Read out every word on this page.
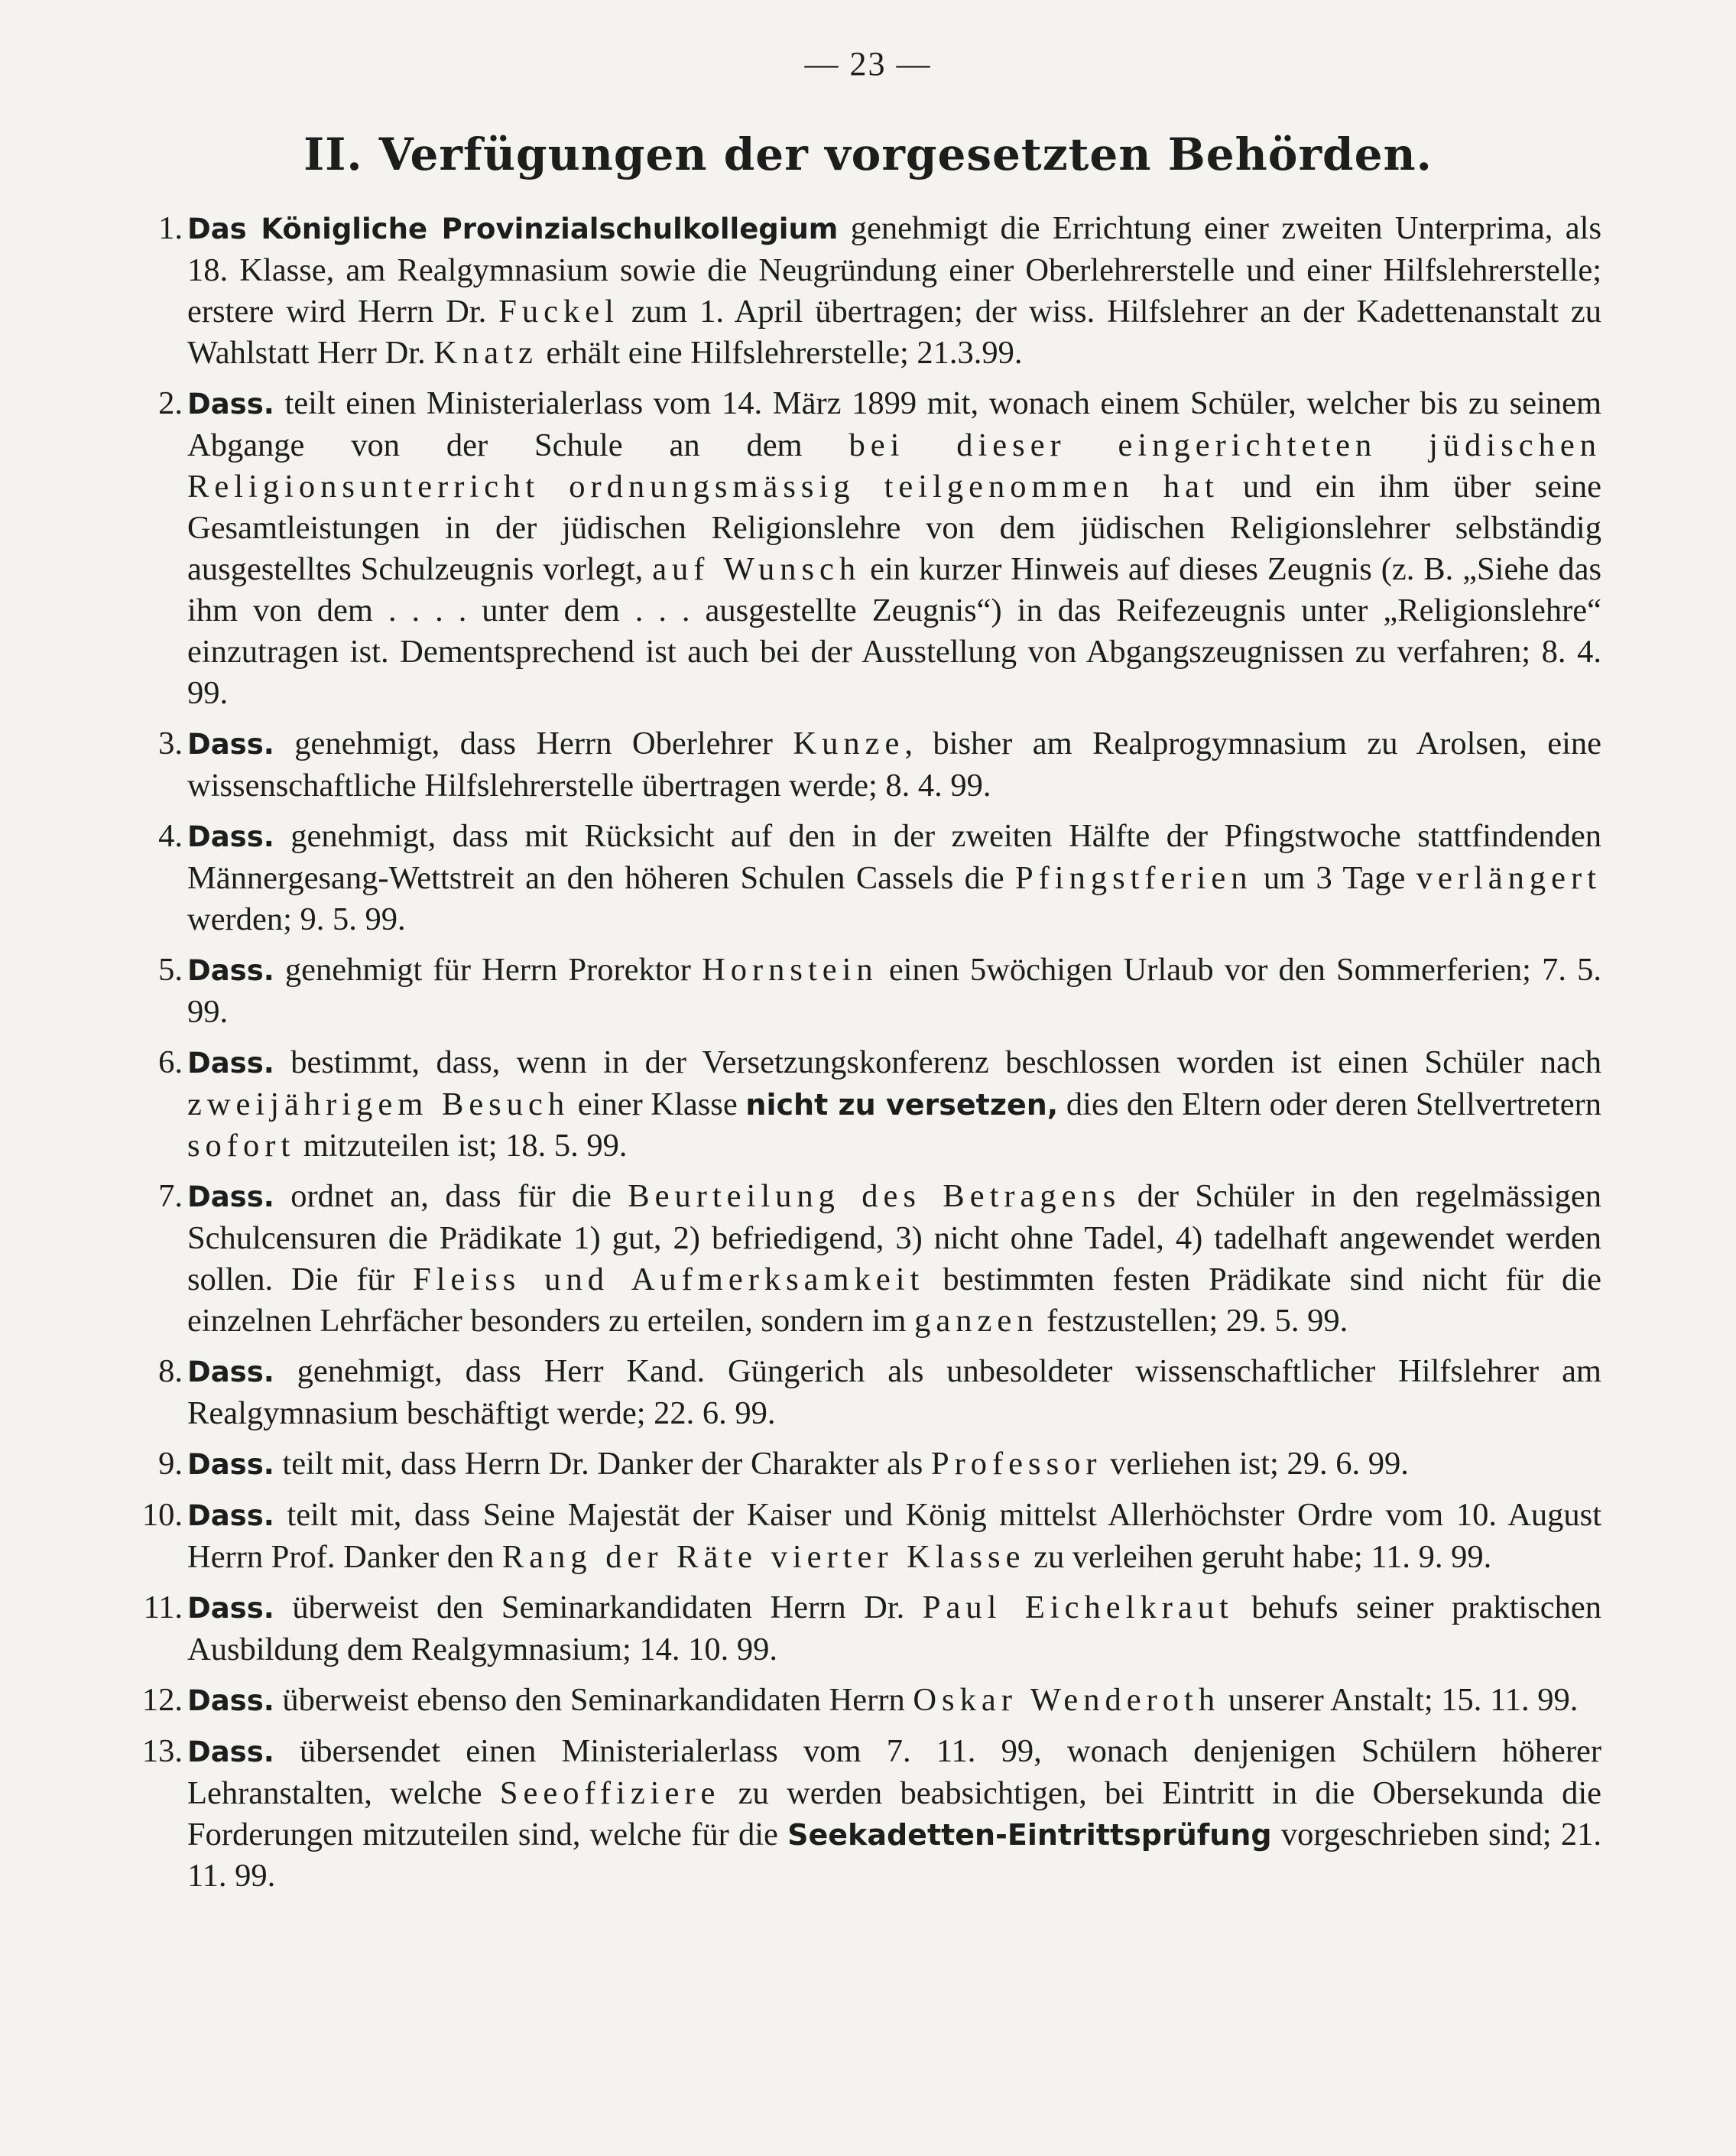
— 23 —
II. Verfügungen der vorgesetzten Behörden.
1. Das Königliche Provinzialschulkollegium genehmigt die Errichtung einer zweiten Unterprima, als 18. Klasse, am Realgymnasium sowie die Neugründung einer Oberlehrerstelle und einer Hilfslehrerstelle; erstere wird Herrn Dr. Fuckel zum 1. April übertragen; der wiss. Hilfslehrer an der Kadettenanstalt zu Wahlstatt Herr Dr. Knatz erhält eine Hilfslehrerstelle; 21.3.99.
2. Dass. teilt einen Ministerialerlass vom 14. März 1899 mit, wonach einem Schüler, welcher bis zu seinem Abgange von der Schule an dem bei dieser eingerichteten jüdischen Religionsunterricht ordnungsmässig teilgenommen hat und ein ihm über seine Gesamtleistungen in der jüdischen Religionslehre von dem jüdischen Religionslehrer selbständig ausgestelltes Schulzeugnis vorlegt, auf Wunsch ein kurzer Hinweis auf dieses Zeugnis (z. B. „Siehe das ihm von dem . . . . unter dem . . . ausgestellte Zeugnis“) in das Reifezeugnis unter „Religionslehre“ einzutragen ist. Dementsprechend ist auch bei der Ausstellung von Abgangszeugnissen zu verfahren; 8. 4. 99.
3. Dass. genehmigt, dass Herrn Oberlehrer Kunze, bisher am Realprogymnasium zu Arolsen, eine wissenschaftliche Hilfslehrerstelle übertragen werde; 8. 4. 99.
4. Dass. genehmigt, dass mit Rücksicht auf den in der zweiten Hälfte der Pfingstwoche stattfindenden Männergesang-Wettstreit an den höheren Schulen Cassels die Pfingstferien um 3 Tage verlängert werden; 9. 5. 99.
5. Dass. genehmigt für Herrn Prorektor Hornstein einen 5wöchigen Urlaub vor den Sommerferien; 7. 5. 99.
6. Dass. bestimmt, dass, wenn in der Versetzungskonferenz beschlossen worden ist einen Schüler nach zweijährigem Besuch einer Klasse nicht zu versetzen, dies den Eltern oder deren Stellvertretern sofort mitzuteilen ist; 18. 5. 99.
7. Dass. ordnet an, dass für die Beurteilung des Betragens der Schüler in den regelmässigen Schulcensuren die Prädikate 1) gut, 2) befriedigend, 3) nicht ohne Tadel, 4) tadelhaft angewendet werden sollen. Die für Fleiss und Aufmerksamkeit bestimmten festen Prädikate sind nicht für die einzelnen Lehrfächer besonders zu erteilen, sondern im ganzen festzustellen; 29. 5. 99.
8. Dass. genehmigt, dass Herr Kand. Güngerich als unbesoldeter wissenschaftlicher Hilfslehrer am Realgymnasium beschäftigt werde; 22. 6. 99.
9. Dass. teilt mit, dass Herrn Dr. Danker der Charakter als Professor verliehen ist; 29. 6. 99.
10. Dass. teilt mit, dass Seine Majestät der Kaiser und König mittelst Allerhöchster Ordre vom 10. August Herrn Prof. Danker den Rang der Räte vierter Klasse zu verleihen geruht habe; 11. 9. 99.
11. Dass. überweist den Seminarkandidaten Herrn Dr. Paul Eichelkraut behufs seiner praktischen Ausbildung dem Realgymnasium; 14. 10. 99.
12. Dass. überweist ebenso den Seminarkandidaten Herrn Oskar Wenderoth unserer Anstalt; 15. 11. 99.
13. Dass. übersendet einen Ministerialerlass vom 7. 11. 99, wonach denjenigen Schülern höherer Lehranstalten, welche Seeoffiziere zu werden beabsichtigen, bei Eintritt in die Obersekunda die Forderungen mitzuteilen sind, welche für die Seekadetten-Eintrittsprüfung vorgeschrieben sind; 21. 11. 99.
